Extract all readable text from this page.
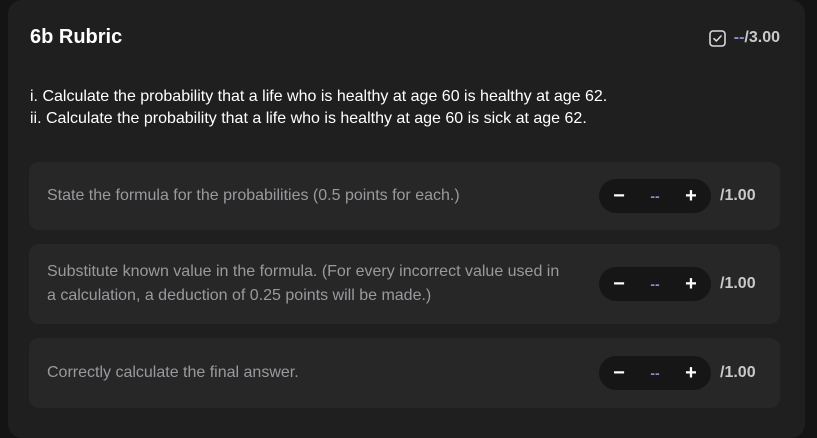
6b Rubric	--/3.00
i. Calculate the probability that a life who is healthy at age 60 is healthy at age 62.
ii. Calculate the probability that a life who is healthy at age 60 is sick at age 62.
State the formula for the probabilities (0.5 points for each.)	− -- + /1.00
Substitute known value in the formula. (For every incorrect value used in a calculation, a deduction of 0.25 points will be made.)
− -- + /1.00
Correctly calculate the final answer.	− -- + /1.00
